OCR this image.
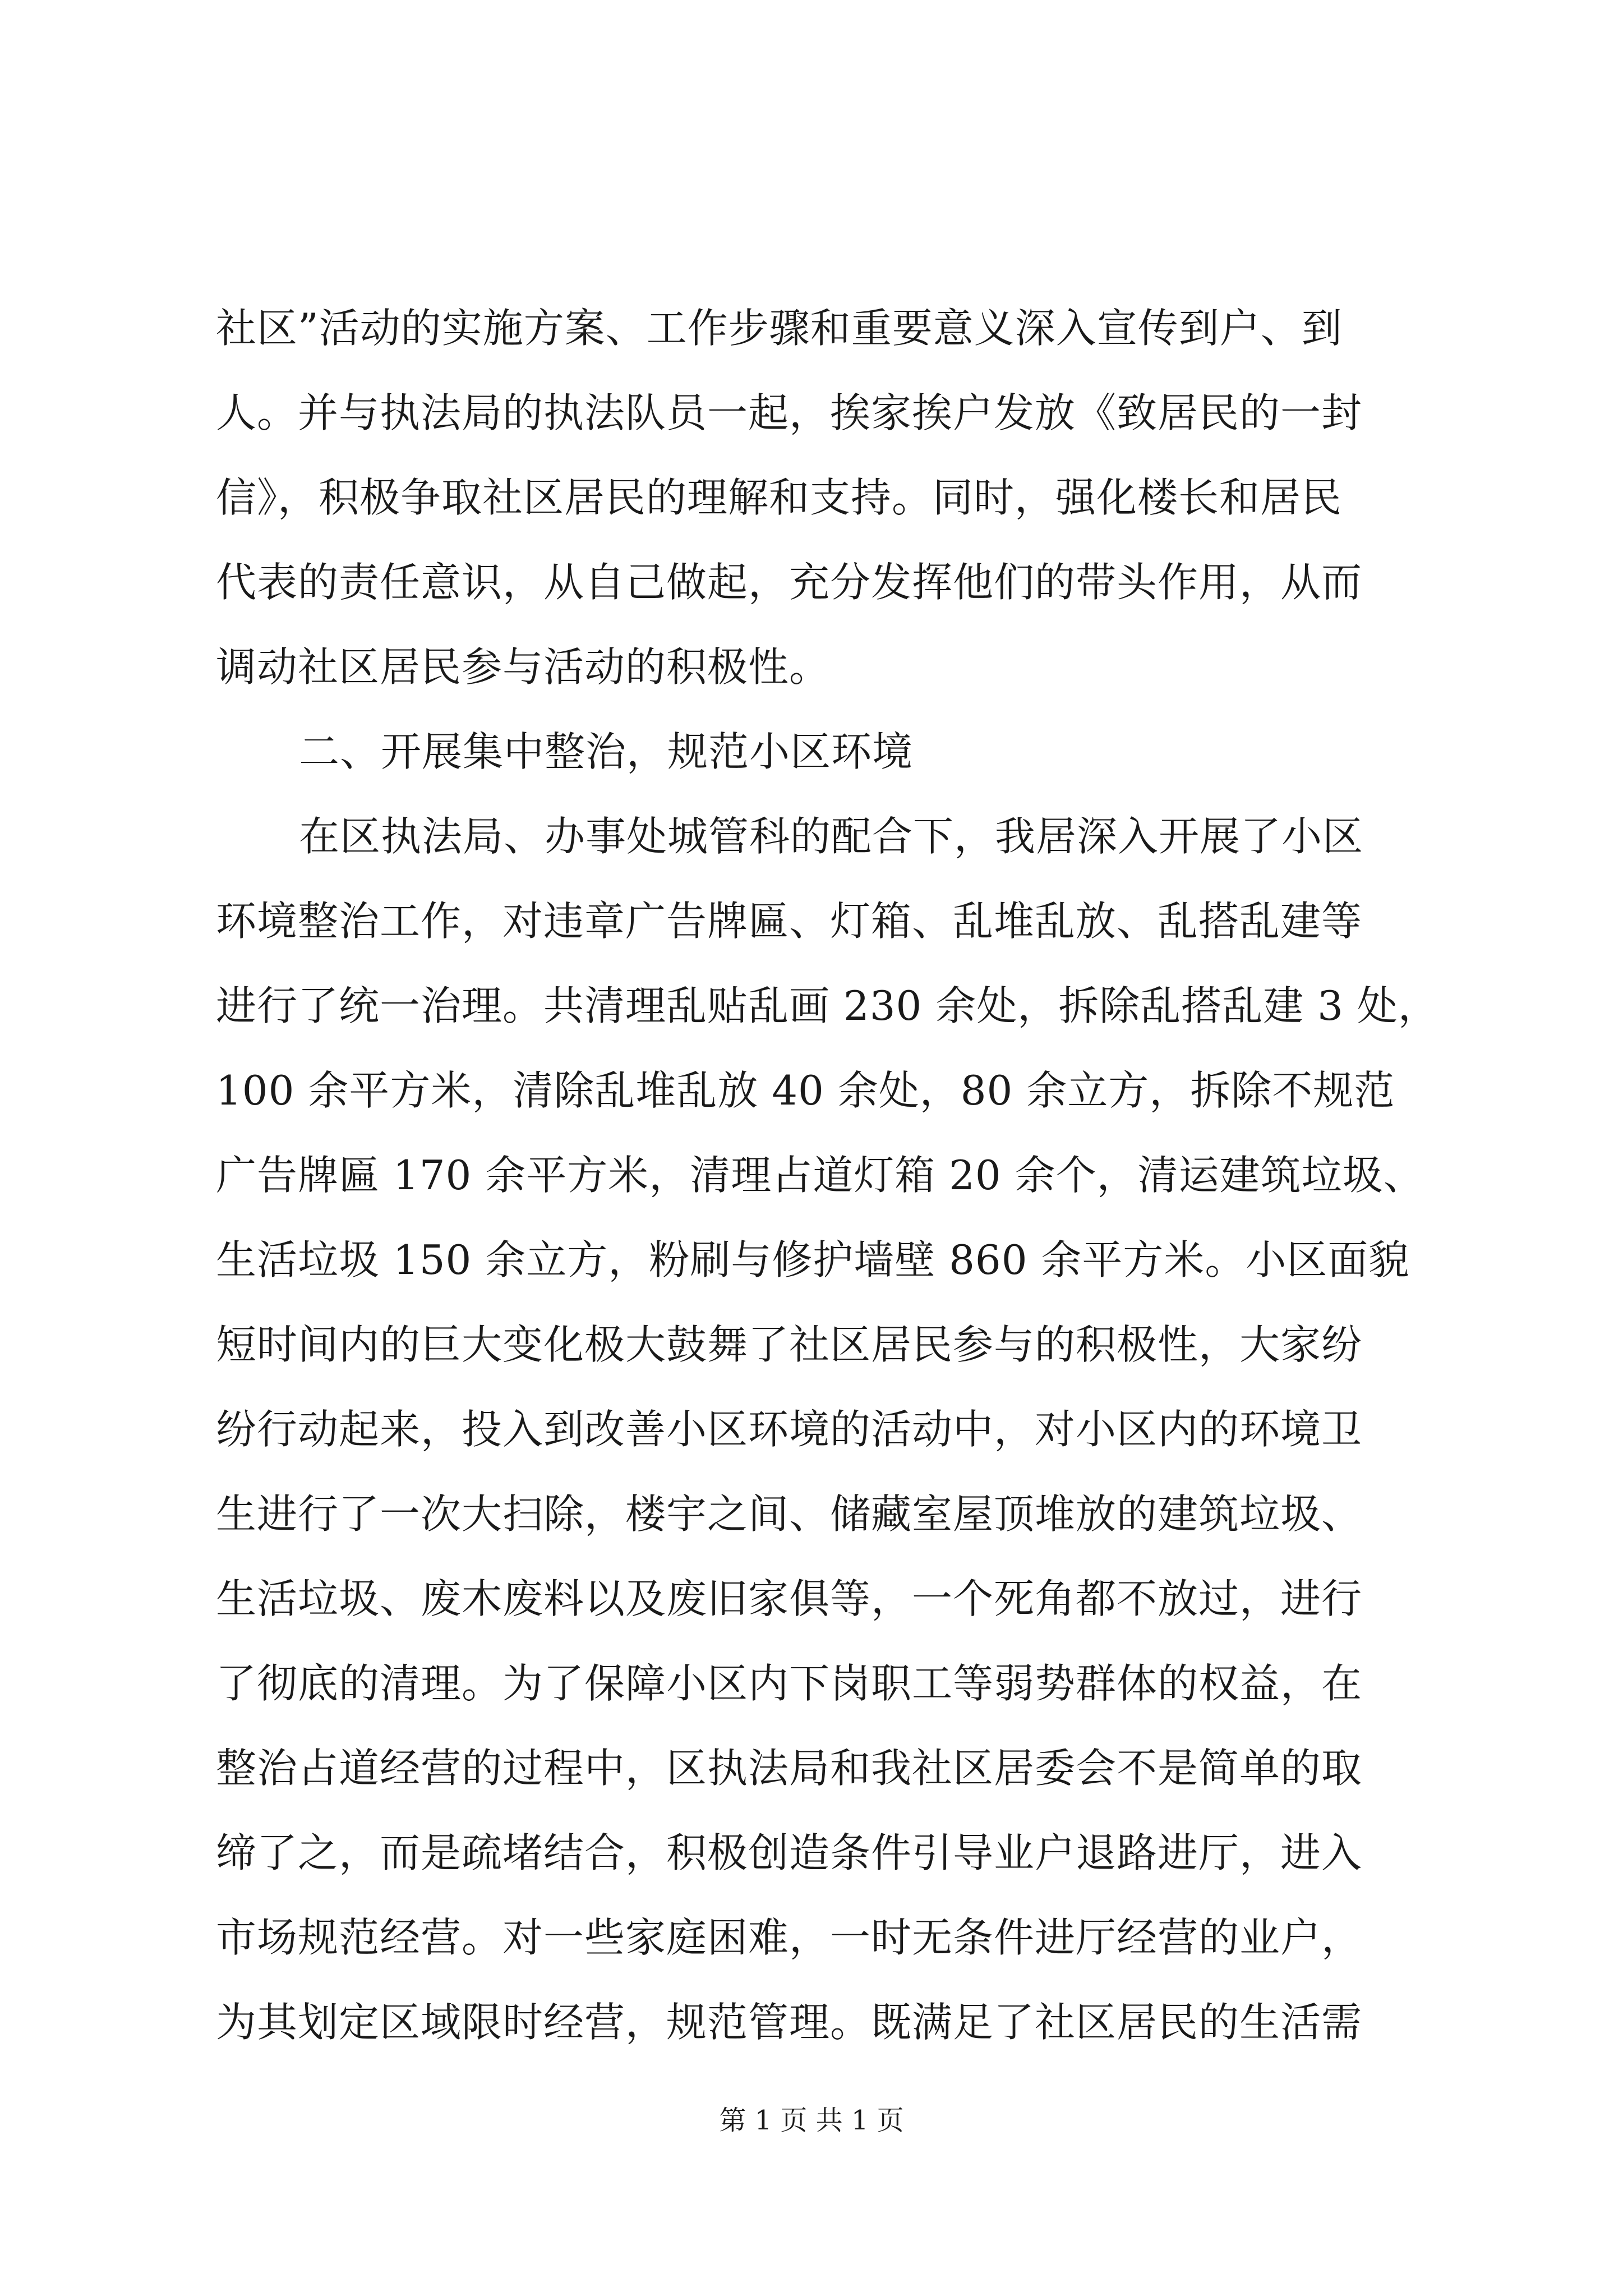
社区”活动的实施方案、工作步骤和重要意义深入宣传到户、到
人。并与执法局的执法队员一起，挨家挨户发放《致居民的一封
信》，积极争取社区居民的理解和支持。同时，强化楼长和居民
代表的责任意识，从自己做起，充分发挥他们的带头作用，从而
调动社区居民参与活动的积极性。
二、开展集中整治，规范小区环境
在区执法局、办事处城管科的配合下，我居深入开展了小区
环境整治工作，对违章广告牌匾、灯箱、乱堆乱放、乱搭乱建等
进行了统一治理。共清理乱贴乱画 230 余处，拆除乱搭乱建 3 处，
100 余平方米，清除乱堆乱放 40 余处，80 余立方，拆除不规范
广告牌匾 170 余平方米，清理占道灯箱 20 余个，清运建筑垃圾、
生活垃圾 150 余立方，粉刷与修护墙壁 860 余平方米。小区面貌
短时间内的巨大变化极大鼓舞了社区居民参与的积极性，大家纷
纷行动起来，投入到改善小区环境的活动中，对小区内的环境卫
生进行了一次大扫除，楼宇之间、储藏室屋顶堆放的建筑垃圾、
生活垃圾、废木废料以及废旧家俱等，一个死角都不放过，进行
了彻底的清理。为了保障小区内下岗职工等弱势群体的权益，在
整治占道经营的过程中，区执法局和我社区居委会不是简单的取
缔了之，而是疏堵结合，积极创造条件引导业户退路进厅，进入
市场规范经营。对一些家庭困难，一时无条件进厅经营的业户，
为其划定区域限时经营，规范管理。既满足了社区居民的生活需
第 1 页 共 1 页
